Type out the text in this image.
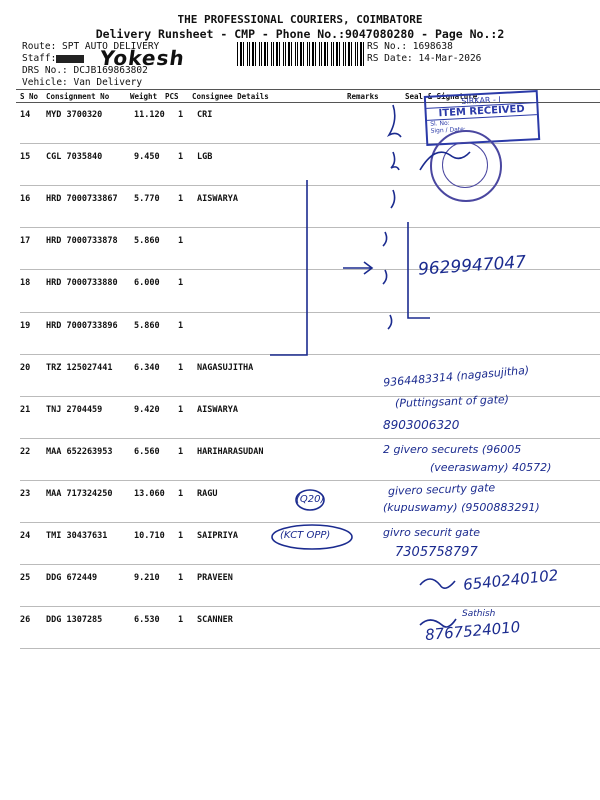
THE PROFESSIONAL COURIERS, COIMBATORE
Delivery Runsheet - CMP - Phone No.:9047080280 - Page No.:2
Route: SPT AUTO DELIVERY
Staff:	Yokesh
DRS No.: DCJB169863802
Vehicle: Van Delivery
RS No.: 1698638
RS Date: 14-Mar-2026
S No Consignment No	Weight PCS Consignee Details	Remarks	Seal & Signature
14 MYD 3700320	11.120 1 CRI
15 CGL 7035840	9.450 1 LGB
16 HRD 7000733867 5.770 1 AISWARYA
17 HRD 7000733878 5.860 1
18 HRD 7000733880 6.000 1
19 HRD 7000733896 5.860 1
20 TRZ 125027441	6.340 1 NAGASUJITHA
21 TNJ 2704459	9.420 1 AISWARYA
22 MAA 652263953	6.560 1 HARIHARASUDAN
23 MAA 717324250	13.060 1 RAGU
24 TMI 30437631	10.710 1 SAIPRIYA
25 DDG 672449	9.210 1 PRAVEEN
26 DDG 1307285	6.530 1 SCANNER
SIRKAR - I
ITEM RECEIVED
Sl. No:
Sign / Date:
9629947047
9364483314 (nagasujitha)
(Puttingsant of gate)
8903006320
2 givero securets (96005
(veeraswamy) 40572)
givero securty gate
(kupuswamy) (9500883291)
(Q20)
(KCT OPP)	givro securit gate
7305758797
6540240102
Sathish
8767524010
